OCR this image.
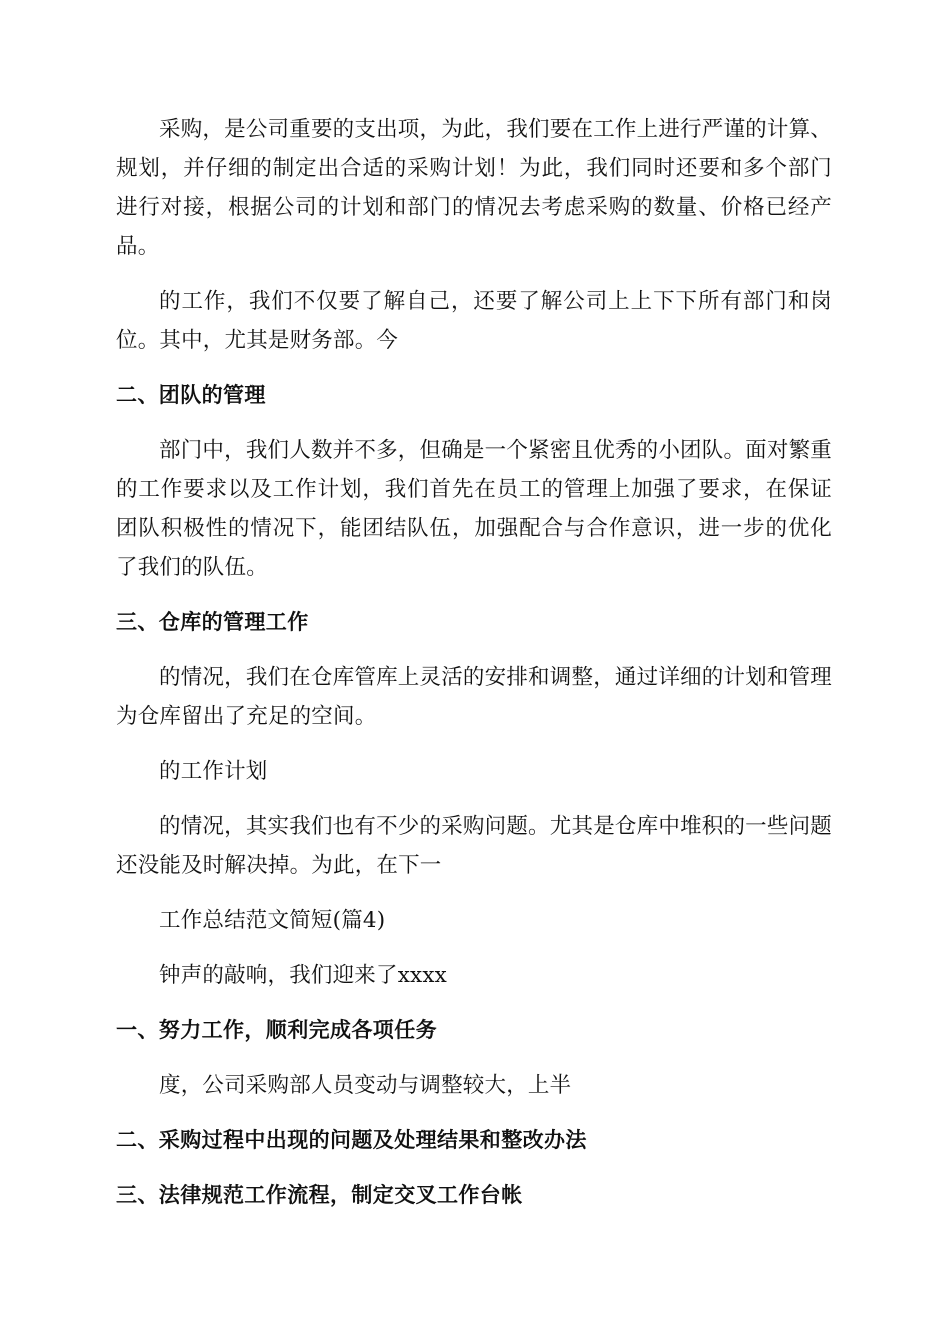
采购，是公司重要的支出项，为此，我们要在工作上进行严谨的计算、规划，并仔细的制定出合适的采购计划！为此，我们同时还要和多个部门进行对接，根据公司的计划和部门的情况去考虑采购的数量、价格已经产品。

的工作，我们不仅要了解自己，还要了解公司上上下下所有部门和岗位。其中，尤其是财务部。今

二、团队的管理

部门中，我们人数并不多，但确是一个紧密且优秀的小团队。面对繁重的工作要求以及工作计划，我们首先在员工的管理上加强了要求，在保证团队积极性的情况下，能团结队伍，加强配合与合作意识，进一步的优化了我们的队伍。

三、仓库的管理工作

的情况，我们在仓库管库上灵活的安排和调整，通过详细的计划和管理为仓库留出了充足的空间。

的工作计划

的情况，其实我们也有不少的采购问题。尤其是仓库中堆积的一些问题还没能及时解决掉。为此，在下一

工作总结范文简短(篇4)

钟声的敲响，我们迎来了xxxx

一、努力工作，顺利完成各项任务

度，公司采购部人员变动与调整较大，上半

二、采购过程中出现的问题及处理结果和整改办法
三、法律规范工作流程，制定交叉工作台帐
